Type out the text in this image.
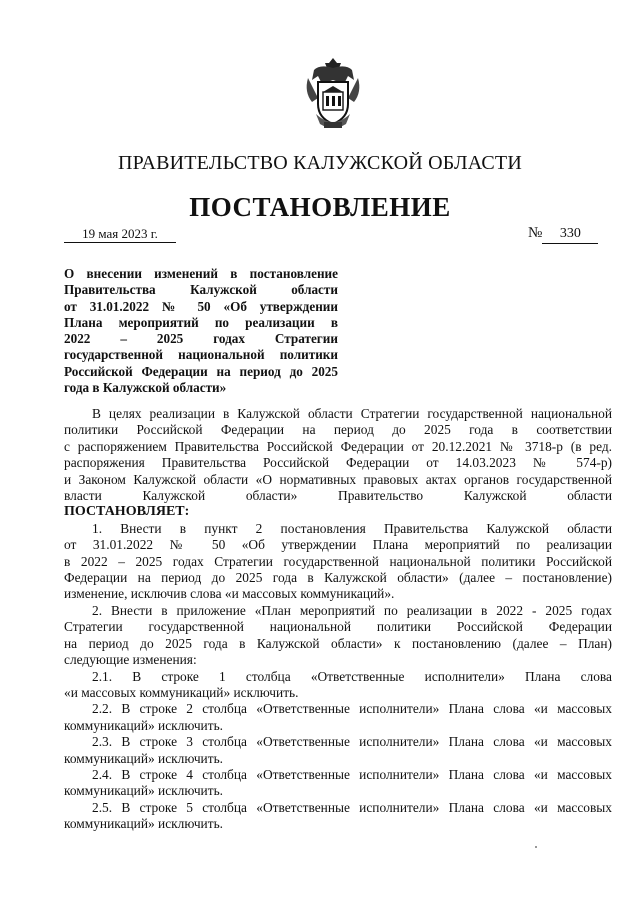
ПРАВИТЕЛЬСТВО КАЛУЖСКОЙ ОБЛАСТИ
ПОСТАНОВЛЕНИЕ
19 мая 2023 г.	№ 330
О внесении изменений в постановление
Правительства Калужской области
от 31.01.2022 № 50 «Об утверждении
Плана мероприятий по реализации в
2022 – 2025 годах Стратегии
государственной национальной политики
Российской Федерации на период до 2025
года в Калужской области»
В целях реализации в Калужской области Стратегии государственной национальной
политики Российской Федерации на период до 2025 года в соответствии
с распоряжением Правительства Российской Федерации от 20.12.2021 № 3718-р (в ред.
распоряжения Правительства Российской Федерации от 14.03.2023 № 574-р)
и Законом Калужской области «О нормативных правовых актах органов государственной
власти Калужской области» Правительство Калужской области
ПОСТАНОВЛЯЕТ:
1. Внести в пункт 2 постановления Правительства Калужской области
от 31.01.2022 № 50 «Об утверждении Плана мероприятий по реализации
в 2022 – 2025 годах Стратегии государственной национальной политики Российской
Федерации на период до 2025 года в Калужской области» (далее – постановление)
изменение, исключив слова «и массовых коммуникаций».
2. Внести в приложение «План мероприятий по реализации в 2022 - 2025 годах
Стратегии государственной национальной политики Российской Федерации
на период до 2025 года в Калужской области» к постановлению (далее – План)
следующие изменения:
2.1. В строке 1 столбца «Ответственные исполнители» Плана слова
«и массовых коммуникаций» исключить.
2.2. В строке 2 столбца «Ответственные исполнители» Плана слова «и массовых
коммуникаций» исключить.
2.3. В строке 3 столбца «Ответственные исполнители» Плана слова «и массовых
коммуникаций» исключить.
2.4. В строке 4 столбца «Ответственные исполнители» Плана слова «и массовых
коммуникаций» исключить.
2.5. В строке 5 столбца «Ответственные исполнители» Плана слова «и массовых
коммуникаций» исключить.
